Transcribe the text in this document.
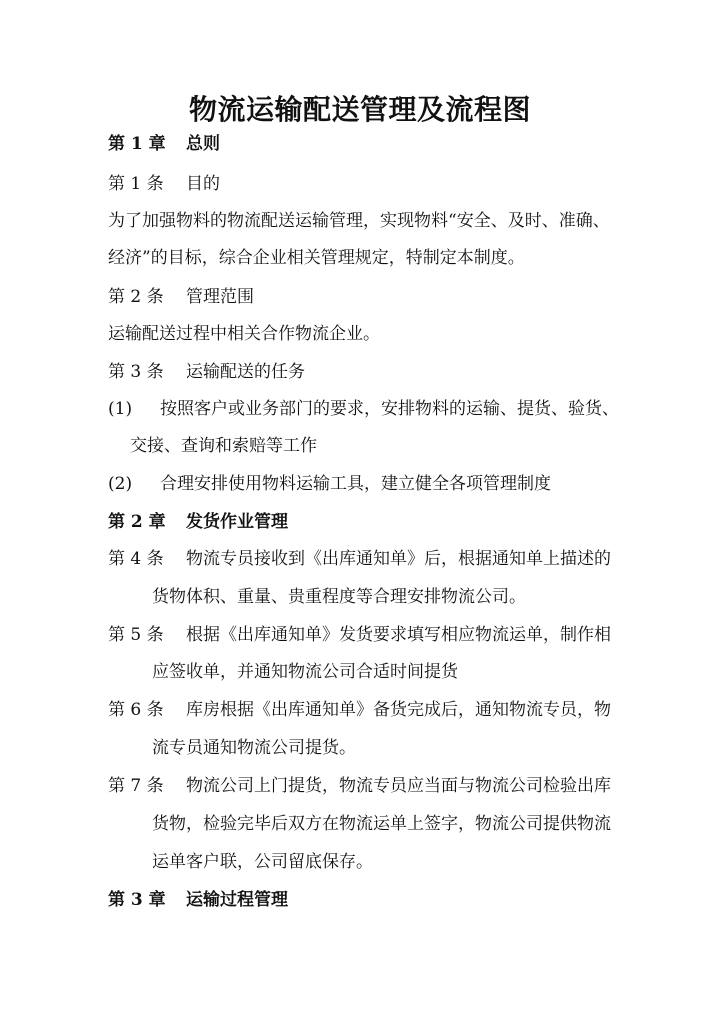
物流运输配送管理及流程图
第 1 章 总则
第 1 条 目的
为了加强物料的物流配送运输管理，实现物料“安全、及时、准确、
经济”的目标，综合企业相关管理规定，特制定本制度。
第 2 条 管理范围
运输配送过程中相关合作物流企业。
第 3 条 运输配送的任务
(1) 按照客户或业务部门的要求，安排物料的运输、提货、验货、
交接、查询和索赔等工作
(2) 合理安排使用物料运输工具，建立健全各项管理制度
第 2 章 发货作业管理
第 4 条 物流专员接收到《出库通知单》后，根据通知单上描述的
货物体积、重量、贵重程度等合理安排物流公司。
第 5 条 根据《出库通知单》发货要求填写相应物流运单，制作相
应签收单，并通知物流公司合适时间提货
第 6 条 库房根据《出库通知单》备货完成后，通知物流专员，物
流专员通知物流公司提货。
第 7 条 物流公司上门提货，物流专员应当面与物流公司检验出库
货物，检验完毕后双方在物流运单上签字，物流公司提供物流
运单客户联，公司留底保存。
第 3 章 运输过程管理
